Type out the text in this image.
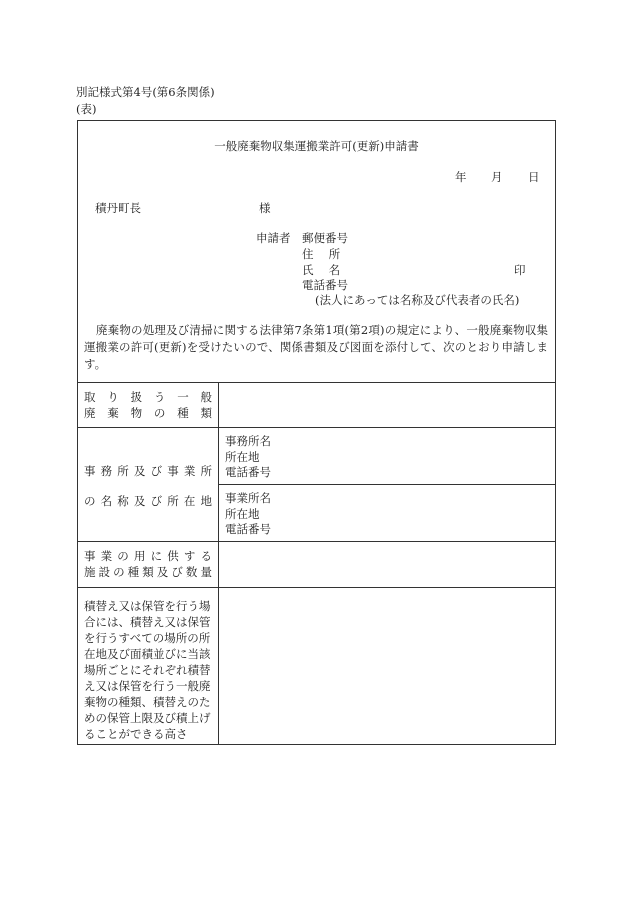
別記様式第4号(第6条関係)
(表)
一般廃棄物収集運搬業許可(更新)申請書
年 月 日
積丹町長	様
申請者 郵便番号
住　 所
氏　 名	印
電話番号
(法人にあっては名称及び代表者の氏名)
廃棄物の処理及び清掃に関する法律第7条第1項(第2項)の規定により、一般廃棄物収集運搬業の許可(更新)を受けたいので、関係書類及び図面を添付して、次のとおり申請します。
取り扱う一般
廃棄物の種類
事務所及び事業所
の名称及び所在地
事務所名
所在地
電話番号
事業所名
所在地
電話番号
事業の用に供する
施設の種類及び数量
積替え又は保管を行う場
合には、積替え又は保管
を行うすべての場所の所
在地及び面積並びに当該
場所ごとにそれぞれ積替
え又は保管を行う一般廃
棄物の種類、積替えのた
めの保管上限及び積上げ
ることができる高さ
